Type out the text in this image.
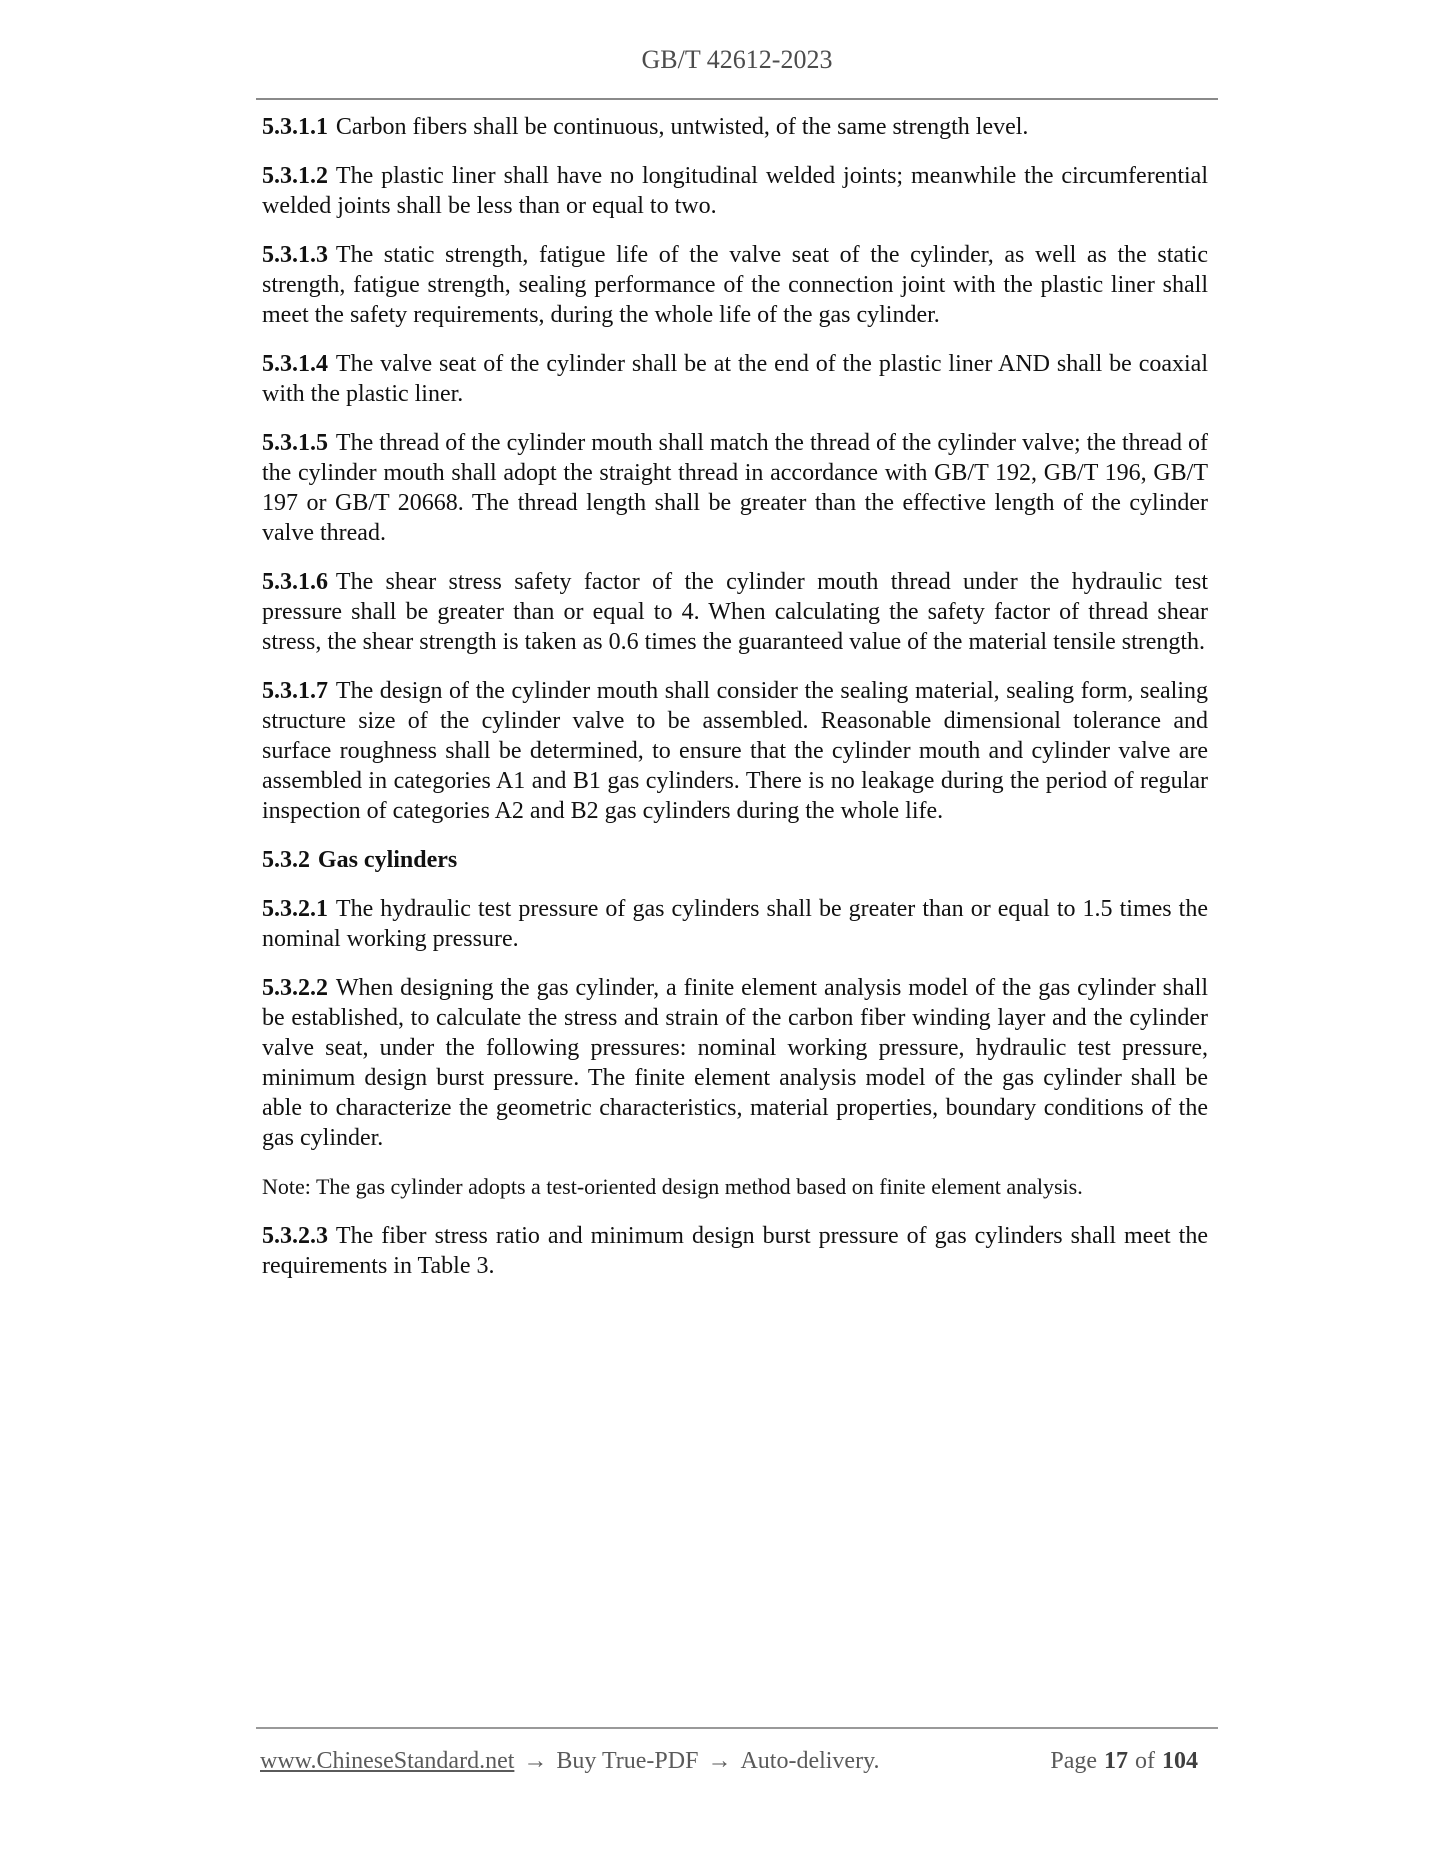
GB/T 42612-2023

5.3.1.1 Carbon fibers shall be continuous, untwisted, of the same strength level.

5.3.1.2 The plastic liner shall have no longitudinal welded joints; meanwhile the circumferential welded joints shall be less than or equal to two.

5.3.1.3 The static strength, fatigue life of the valve seat of the cylinder, as well as the static strength, fatigue strength, sealing performance of the connection joint with the plastic liner shall meet the safety requirements, during the whole life of the gas cylinder.

5.3.1.4 The valve seat of the cylinder shall be at the end of the plastic liner AND shall be coaxial with the plastic liner.

5.3.1.5 The thread of the cylinder mouth shall match the thread of the cylinder valve; the thread of the cylinder mouth shall adopt the straight thread in accordance with GB/T 192, GB/T 196, GB/T 197 or GB/T 20668. The thread length shall be greater than the effective length of the cylinder valve thread.

5.3.1.6 The shear stress safety factor of the cylinder mouth thread under the hydraulic test pressure shall be greater than or equal to 4. When calculating the safety factor of thread shear stress, the shear strength is taken as 0.6 times the guaranteed value of the material tensile strength.

5.3.1.7 The design of the cylinder mouth shall consider the sealing material, sealing form, sealing structure size of the cylinder valve to be assembled. Reasonable dimensional tolerance and surface roughness shall be determined, to ensure that the cylinder mouth and cylinder valve are assembled in categories A1 and B1 gas cylinders. There is no leakage during the period of regular inspection of categories A2 and B2 gas cylinders during the whole life.

5.3.2 Gas cylinders

5.3.2.1 The hydraulic test pressure of gas cylinders shall be greater than or equal to 1.5 times the nominal working pressure.

5.3.2.2 When designing the gas cylinder, a finite element analysis model of the gas cylinder shall be established, to calculate the stress and strain of the carbon fiber winding layer and the cylinder valve seat, under the following pressures: nominal working pressure, hydraulic test pressure, minimum design burst pressure. The finite element analysis model of the gas cylinder shall be able to characterize the geometric characteristics, material properties, boundary conditions of the gas cylinder.

Note: The gas cylinder adopts a test-oriented design method based on finite element analysis.

5.3.2.3 The fiber stress ratio and minimum design burst pressure of gas cylinders shall meet the requirements in Table 3.

www.ChineseStandard.net → Buy True-PDF → Auto-delivery.	Page 17 of 104
